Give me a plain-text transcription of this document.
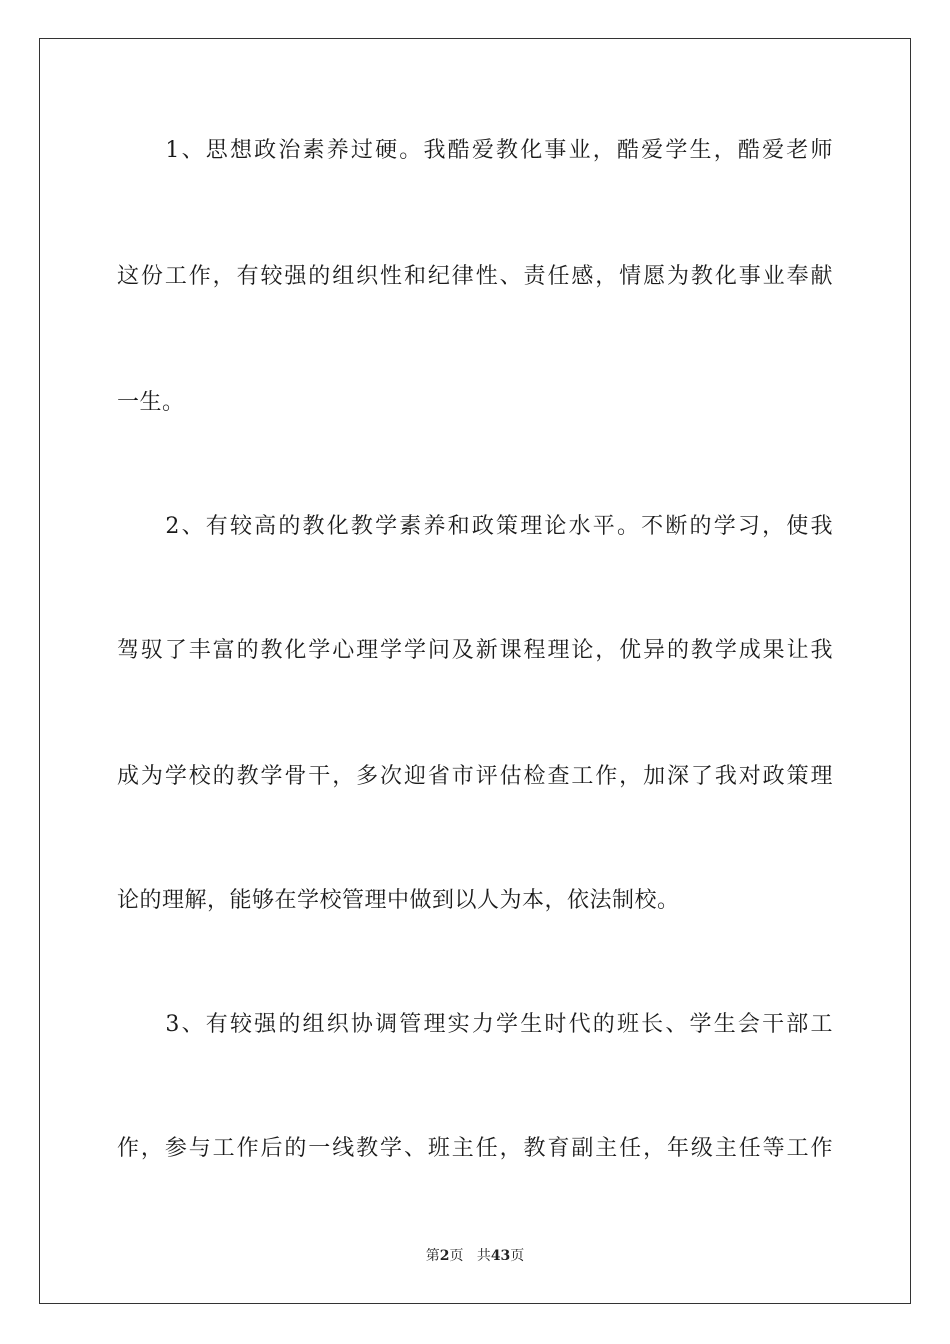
　　1、思想政治素养过硬。我酷爱教化事业，酷爱学生，酷爱老师
这份工作，有较强的组织性和纪律性、责任感，情愿为教化事业奉献
一生。
　　2、有较高的教化教学素养和政策理论水平。不断的学习，使我
驾驭了丰富的教化学心理学学问及新课程理论，优异的教学成果让我
成为学校的教学骨干，多次迎省市评估检查工作，加深了我对政策理
论的理解，能够在学校管理中做到以人为本，依法制校。
　　3、有较强的组织协调管理实力学生时代的班长、学生会干部工
作，参与工作后的一线教学、班主任，教育副主任，年级主任等工作
第2页 共43页
